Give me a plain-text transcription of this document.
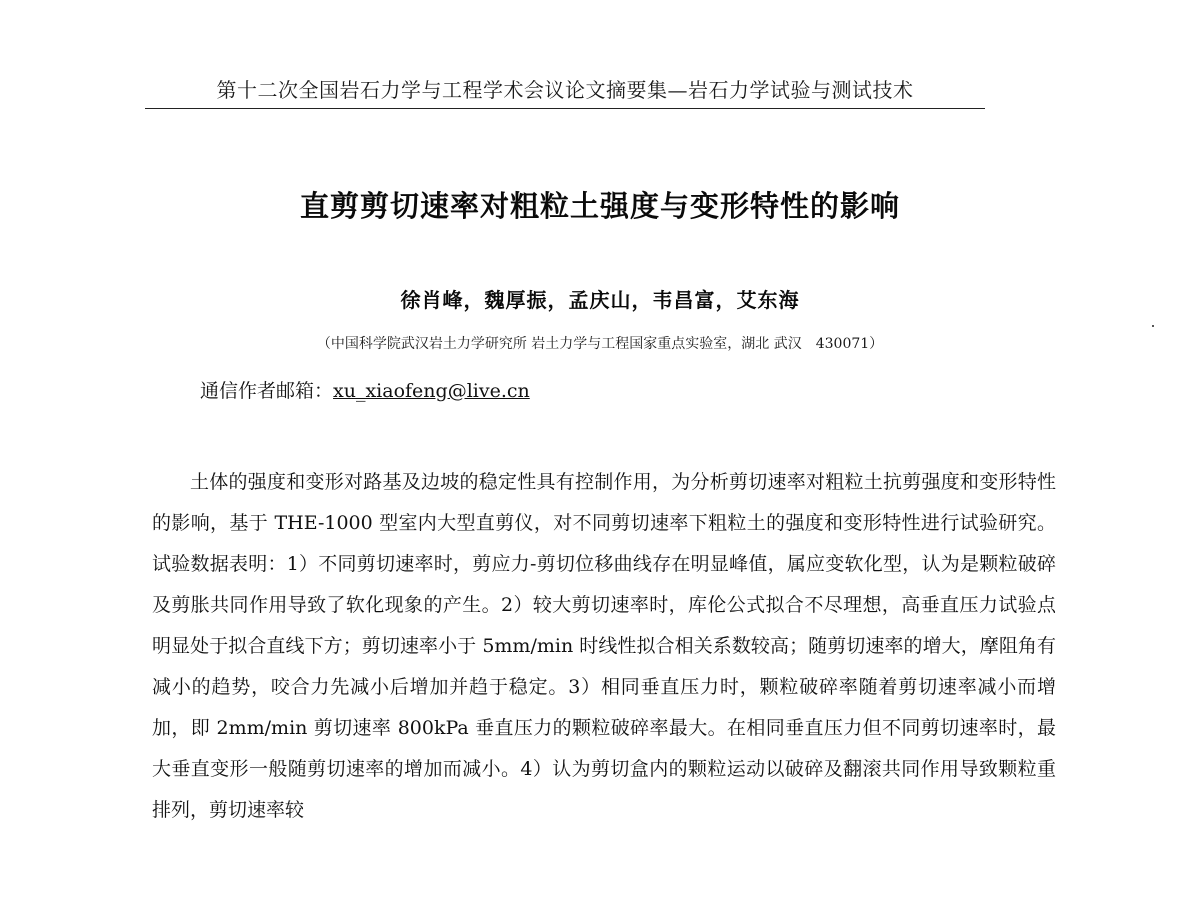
第十二次全国岩石力学与工程学术会议论文摘要集—岩石力学试验与测试技术
直剪剪切速率对粗粒土强度与变形特性的影响
徐肖峰，魏厚振，孟庆山，韦昌富，艾东海
（中国科学院武汉岩土力学研究所 岩土力学与工程国家重点实验室，湖北 武汉　430071）
通信作者邮箱：xu_xiaofeng@live.cn

土体的强度和变形对路基及边坡的稳定性具有控制作用，为分析剪切速率对粗粒土抗剪强度和变形特性的影响，基于 THE-1000 型室内大型直剪仪，对不同剪切速率下粗粒土的强度和变形特性进行试验研究。试验数据表明：1）不同剪切速率时，剪应力-剪切位移曲线存在明显峰值，属应变软化型，认为是颗粒破碎及剪胀共同作用导致了软化现象的产生。2）较大剪切速率时，库伦公式拟合不尽理想，高垂直压力试验点明显处于拟合直线下方；剪切速率小于 5mm/min 时线性拟合相关系数较高；随剪切速率的增大，摩阻角有减小的趋势，咬合力先减小后增加并趋于稳定。3）相同垂直压力时，颗粒破碎率随着剪切速率减小而增加，即 2mm/min 剪切速率 800kPa 垂直压力的颗粒破碎率最大。在相同垂直压力但不同剪切速率时，最大垂直变形一般随剪切速率的增加而减小。4）认为剪切盒内的颗粒运动以破碎及翻滚共同作用导致颗粒重排列，剪切速率较
